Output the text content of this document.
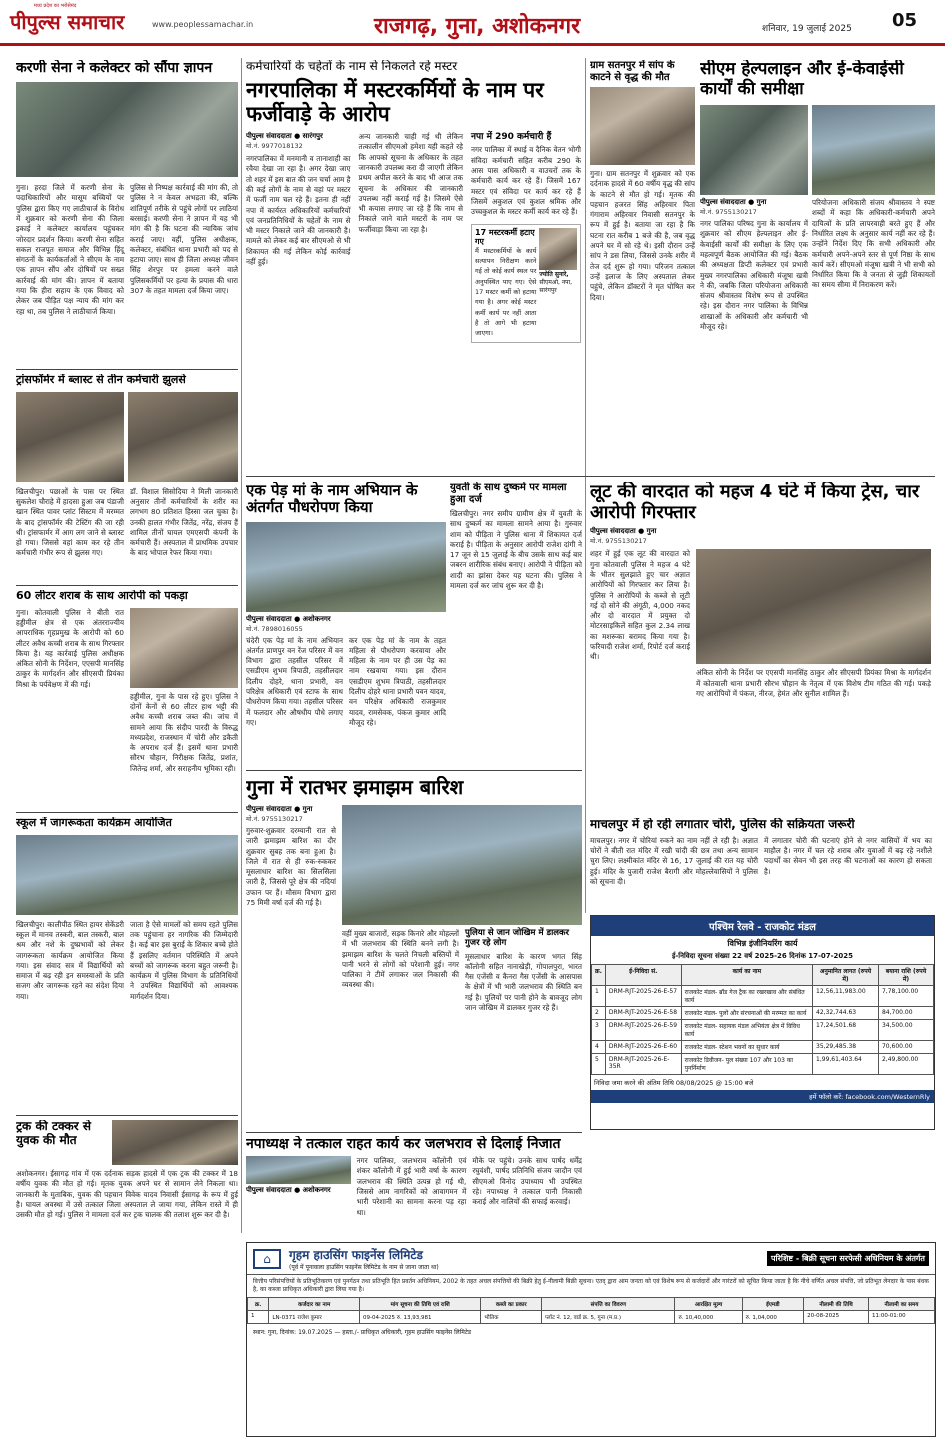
मध्य प्रदेश का भरोसेमंद
पीपुल्स समाचार	www.peoplessamachar.in	राजगढ़, गुना, अशोकनगर	शनिवार, 19 जुलाई 2025 05
करणी सेना ने कलेक्टर को सौंपा ज्ञापन
गुना। हरदा जिले में करणी सेना के पदाधिकारियों और मासूम बच्चियों पर पुलिस द्वारा किए गए लाठीचार्ज के विरोध में शुक्रवार को करणी सेना की जिला इकाई ने कलेक्टर कार्यालय पहुंचकर जोरदार प्रदर्शन किया। करणी सेना सहित सकल राजपूत समाज और विभिन्न हिंदू संगठनों के कार्यकर्ताओं ने सीएम के नाम एक ज्ञापन सौंप और दोषियों पर सख्त कार्रवाई की मांग की। ज्ञापन में बताया गया कि हीरा सहाय के एक विवाद को लेकर जब पीड़ित पक्ष न्याय की मांग कर रहा था, तब पुलिस ने लाठीचार्ज किया।
पुलिस से निष्पक्ष कार्रवाई की मांग की, तो पुलिस ने न केवल अभद्रता की, बल्कि शांतिपूर्ण तरीके से पहुंचे लोगों पर लाठियां बरसाई। करणी सेना ने ज्ञापन में यह भी मांग की है कि घटना की न्यायिक जांच कराई जाए। वहीं, पुलिस अधीक्षक, कलेक्टर, संबंधित थाना प्रभारी को पद से हटाया जाए। साथ ही जिला अध्यक्ष जीवन सिंह शेरपुर पर हमला करने वाले पुलिसकर्मियों पर हत्या के प्रयास की धारा 307 के तहत मामला दर्ज किया जाए।
ट्रांसफॉर्मर में ब्लास्ट से तीन कर्मचारी झुलसे
खिलचीपुर। पछाओं के पास पर स्थित सुकलेश चौराहे में हादसा हुआ जब पंडाजी खान स्थित पावर प्लांट सिस्टम में मरम्मत के बाद ट्रांसफॉर्मर की टेस्टिंग की जा रही थी। ट्रांसफार्मर में आग लग जाने से ब्लास्ट हो गया। जिससे वहां काम कर रहे तीन कर्मचारी गंभीर रूप से झुलस गए।
डॉ. विशाल सिसोदिया ने मिली जानकारी अनुसार तीनों कर्मचारियों के शरीर का लगभग 80 प्रतिशत हिस्सा जल चुका है। उनकी हालत गंभीर जितेंद्र, नरेंद्र, संजय हैं शामिल तीनों घायल एमएसपी कंपनी के कर्मचारी हैं। अस्पताल में प्राथमिक उपचार के बाद भोपाल रेफर किया गया।
60 लीटर शराब के साथ आरोपी को पकड़ा
गुना। कोतवाली पुलिस ने बीती रात हड्डीमील क्षेत्र से एक अंतरराज्यीय आपराधिक गृहप्रमुख के आरोपी को 60 लीटर अवैध कच्ची शराब के साथ गिरफ्तार किया है। यह कार्रवाई पुलिस अधीक्षक अंकित सोनी के निर्देशन, एएसपी मानसिंह ठाकुर के मार्गदर्शन और सीएसपी प्रियंका मिश्रा के पर्यवेक्षण में की गई।
हड्डीमील, गुना के पास रहे हुए। पुलिस ने दोनों केनों से 60 लीटर हाथ भट्टी की अवैध कच्ची शराब जब्त की। जांच में सामने आया कि संदीप पारदी के विरुद्ध मध्यप्रदेश, राजस्थान में चोरी और डकैती के अपराध दर्ज हैं। इसमें थाना प्रभारी सौरभ चौहान, निरीक्षक जितेंद्र, प्रशांत, जितेन्द्र शर्मा, और सराहनीय भूमिका रही।
स्कूल में जागरूकता कार्यक्रम आयोजित
खिलचीपुर। कालीपीठ स्थित हायर सेकेंडरी स्कूल में मानव तस्करी, बाल तस्करी, बाल श्रम और नशे के दुष्प्रभावों को लेकर जागरूकता कार्यक्रम आयोजित किया गया। इस संवाद सत्र में विद्यार्थियों को समाज में बढ़ रही इन समस्याओं के प्रति सजग और जागरूक रहने का संदेश दिया गया।
जाता है ऐसे मामलों को समय रहते पुलिस तक पहुंचाना हर नागरिक की जिम्मेदारी है। कई बार इस बुराई के शिकार बच्चे होते हैं इसलिए वर्तमान परिस्थिति में अपने बच्चों को जागरूक करना बहुत जरूरी है। कार्यक्रम में पुलिस विभाग के प्रतिनिधियों ने उपस्थित विद्यार्थियों को आवश्यक मार्गदर्शन दिया।
ट्रक की टक्कर से युवक की मौत
अशोकनगर। ईसागढ़ गांव में एक दर्दनाक सड़क हादसे में एक ट्रक की टक्कर में 18 वर्षीय युवक की मौत हो गई। मृतक युवक अपने घर से सामान लेने निकला था। जानकारी के मुताबिक, युवक की पहचान विवेक यादव निवासी ईसागढ़ के रूप में हुई है। घायल अवस्था में उसे तत्काल जिला अस्पताल ले जाया गया, लेकिन रास्ते में ही उसकी मौत हो गई। पुलिस ने मामला दर्ज कर ट्रक चालक की तलाश शुरू कर दी है।
कर्मचारियों के चहेतों के नाम से निकलते रहे मस्टर
नगरपालिका में मस्टरकर्मियों के नाम पर फर्जीवाड़े के आरोप
पीपुल्स संवाददाता ● सारंगपुर
मो.नं. 9977018132
नगरपालिका में मनमानी व तानाशाही का रवैया देखा जा रहा है। अगर देखा जाए तो शहर में इस बात की जन चर्चा आम है की कई लोगों के नाम से वहां पर मस्टर में फर्जी नाम चल रहे हैं। इतना ही नहीं नपा में कार्यरत अधिकारियों कर्मचारियों एवं जनप्रतिनिधियों के चहेतों के नाम से भी मस्टर निकाले जाने की जानकारी है। मामले को लेकर कई बार सीएमओ से भी शिकायत की गई लेकिन कोई कार्रवाई नहीं हुई।
अन्य जानकारी चाही गई थी लेकिन तत्कालीन सीएमओ हमेशा यही कहते रहे कि आपको सूचना के अधिकार के तहत जानकारी उपलब्ध करा दी जाएगी लेकिन प्रथम अपील करने के बाद भी आज तक सूचना के अधिकार की जानकारी उपलब्ध नहीं कराई गई है। जिसमे ऐसे भी कयास लगाए जा रहे हैं कि नाम से निकाले जाने वाले मस्टरों के नाम पर फर्जीवाड़ा किया जा रहा है।
नपा में 290 कर्मचारी हैं
नगर पालिका में स्थाई व दैनिक वेतन भोगी संविदा कर्मचारी सहित करीब 290 के आस पास अधिकारी व वाउचरों तक के कर्मचारी कार्य कर रहे हैं। जिसमें 167 मस्टर एवं संविदा पर कार्य कर रहे हैं जिसमें अकुशल एवं कुशल श्रमिक और उच्चकुशल के मस्टर कर्मी कार्य कर रहे हैं।
17 मस्टरकर्मी हटाए गए
मैं मस्टरकर्मियों के कार्य सत्यापन निरीक्षण करने गई तो कोई कार्य स्थल पर अनुपस्थित पाए गए। ऐसे 17 मस्टर कर्मी को हटाया गया है। अगर कोई मस्टर कर्मी कार्य पर नहीं आता है तो आगे भी हटाया जाएगा।
ज्योति सुनारे,
सीएमओ, नपा, सारंगपुर
ग्राम सतनपुर में सांप के काटने से वृद्ध की मौत
गुना। ग्राम सतनपुर में शुक्रवार को एक दर्दनाक हादसे में 60 वर्षीय वृद्ध की सांप के काटने से मौत हो गई। मृतक की पहचान हजरत सिंह अहिरवार पिता गंगाराम अहिरवार निवासी सतनपुर के रूप में हुई है। बताया जा रहा है कि घटना रात करीब 1 बजे की है, जब वृद्ध अपने घर में सो रहे थे। इसी दौरान उन्हें सांप ने डस लिया, जिससे उनके शरीर में तेज दर्द शुरू हो गया। परिजन तत्काल उन्हें इलाज के लिए अस्पताल लेकर पहुंचे, लेकिन डॉक्टरों ने मृत घोषित कर दिया।
सीएम हेल्पलाइन और ई-केवाईसी कार्यों की समीक्षा
पीपुल्स संवाददाता ● गुना
मो.नं. 9755130217
नगर पालिका परिषद गुना के कार्यालय में शुक्रवार को सीएम हेल्पलाइन और ई-केवाईसी कार्यों की समीक्षा के लिए एक महत्वपूर्ण बैठक आयोजित की गई। बैठक की अध्यक्षता डिप्टी कलेक्टर एवं प्रभारी मुख्य नगरपालिका अधिकारी मंजूषा खत्री ने की, जबकि जिला परियोजना अधिकारी संजय श्रीवास्तव विशेष रूप से उपस्थित रहे। इस दौरान नगर पालिका के विभिन्न शाखाओं के अधिकारी और कर्मचारी भी मौजूद रहे।
परियोजना अधिकारी संजय श्रीवास्तव ने स्पष्ट शब्दों में कहा कि अधिकारी-कर्मचारी अपने दायित्वों के प्रति लापरवाही बरते हुए हैं और निर्धारित लक्ष्य के अनुसार कार्य नहीं कर रहे हैं। उन्होंने निर्देश दिए कि सभी अधिकारी और कर्मचारी अपने-अपने स्तर से पूर्ण निष्ठा के साथ कार्य करें। सीएमओ मंजूषा खत्री ने भी सभी को निर्धारित किया कि वे जनता से जुड़ी शिकायतों का समय सीमा में निराकरण करें।
एक पेड़ मां के नाम अभियान के अंतर्गत पौधरोपण किया
पीपुल्स संवाददाता ● अशोकनगर
मो.नं. 7898016055
चंदेरी एक पेड़ मां के नाम अभियान अंतर्गत प्राणपुर वन रेंज परिसर में वन विभाग द्वारा तहसील परिसर में एसडीएम शुभम त्रिपाठी, तहसीलदार दिलीप दोहरे, थाना प्रभारी, वन परिक्षेत्र अधिकारी एवं स्टाफ के साथ पौधरोपण किया गया। तहसील परिसर में फलदार और औषधीय पौधे लगाए गए।
कर एक पेड़ मां के नाम के तहत महिला से पौधरोपण करवाया और महिला के नाम पर ही उस पेड़ का नाम रखवाया गया। इस दौरान एसडीएम शुभम त्रिपाठी, तहसीलदार दिलीप दोहरे थाना प्रभारी पवन यादव, वन परिक्षेत्र अधिकारी राजकुमार यादव, रामसेवक, पंकज कुमार आदि मौजूद रहे।
युवती के साथ दुष्कर्म पर मामला हुआ दर्ज
खिलचीपुर। नगर समीप ग्रामीण क्षेत्र में युवती के साथ दुष्कर्म का मामला सामने आया है। गुरुवार शाम को पीड़िता ने पुलिस थाना में शिकायत दर्ज कराई है। पीड़िता के अनुसार आरोपी राजेश दांगी ने 17 जून से 15 जुलाई के बीच उसके साथ कई बार जबरन शारीरिक संबंध बनाए। आरोपी ने पीड़िता को शादी का झांसा देकर यह घटना की। पुलिस ने मामला दर्ज कर जांच शुरू कर दी है।
लूट की वारदात को महज 4 घंटे में किया ट्रेस, चार आरोपी गिरफ्तार
पीपुल्स संवाददाता ● गुना
मो.नं. 9755130217
शहर में हुई एक लूट की वारदात को गुना कोतवाली पुलिस ने महज 4 घंटे के भीतर सुलझाते हुए चार अज्ञात आरोपियों को गिरफ्तार कर लिया है। पुलिस ने आरोपियों के कब्जे से लूटी गई दो सोने की अंगूठी, 4,000 नकद और दो वारदात में प्रयुक्त दो मोटरसाइकिलें सहित कुल 2.34 लाख का मशरूका बरामद किया गया है। फरियादी राजेश शर्मा, रिपोर्ट दर्ज कराई थी।
अंकित सोनी के निर्देश पर एएसपी मानसिंह ठाकुर और सीएसपी प्रियंका मिश्रा के मार्गदर्शन में कोतवाली थाना प्रभारी सौरभ चौहान के नेतृत्व में एक विशेष टीम गठित की गई। पकड़े गए आरोपियों में पंकज, नीरज, हेमंत और सुनील शामिल हैं।
गुना में रातभर झमाझम बारिश
पीपुल्स संवाददाता ● गुना
मो.नं. 9755130217
गुरुवार-शुक्रवार दरम्यानी रात से जारी झमाझम बारिश का दौर शुक्रवार सुबह तक बना हुआ है। जिले में रात से ही रुक-रुककर मूसलाधार बारिश का सिलसिला जारी है, जिससे पूरे क्षेत्र की नदियां उफान पर हैं। मौसम विभाग द्वारा 75 मिमी वर्षा दर्ज की गई है।
वहीं मुख्य बाजारों, सड़क किनारे और मोहल्लों में भी जलभराव की स्थिति बनने लगी है। झमाझम बारिश के चलते निचली बस्तियों में पानी भरने से लोगों को परेशानी हुई। नगर पालिका ने टीमें लगाकर जल निकासी की व्यवस्था की।
पुलिया से जान जोखिम में डालकर गुजर रहे लोग
मूसलाधार बारिश के कारण भगत सिंह कॉलोनी सहित नानाखेड़ी, गोपालपुरा, भारत गैस एजेंसी व कैनरा गैस एजेंसी के आसपास के क्षेत्रों में भी भारी जलभराव की स्थिति बन गई है। पुलियों पर पानी होने के बावजूद लोग जान जोखिम में डालकर गुजर रहे हैं।
माचलपुर में हो रही लगातार चोरी, पुलिस की सक्रियता जरूरी
माचलपुर। नगर में चोरियां रुकने का नाम नहीं ले रही है। अज्ञात चोरों ने बीती रात मंदिर में रखी चांदी की छत्र तथा अन्य सामान चुरा लिए। लक्ष्मीकांत मंदिर से 16, 17 जुलाई की रात यह चोरी हुई। मंदिर के पुजारी राजेश बैरागी और मोहल्लेवासियों ने पुलिस को सूचना दी।
में लगातार चोरी की घटनाएं होने से नगर वासियों में भय का माहौल है। नगर में चल रहे शराब और युवाओं में बढ़ रहे नशीले पदार्थों का सेवन भी इस तरह की घटनाओं का कारण हो सकता है।
पश्चिम रेलवे - राजकोट मंडल
विभिन्न इंजीनियरिंग कार्य
ई-निविदा सूचना संख्या 22 वर्ष 2025-26 दिनांक 17-07-2025
क्र.	ई-निविदा सं.	कार्य का नाम	अनुमानित लागत (रुपये में)	बयाना राशि (रुपये में)
1	DRM-RJT-2025-26-E-57	राजकोट मंडल- ब्रॉड गेज ट्रैक का रखरखाव और संबंधित कार्य	12,56,11,983.00	7,78,100.00
2	DRM-RJT-2025-26-E-58	राजकोट मंडल- पुलों और संरचनाओं की मरम्मत का कार्य	42,32,744.63	84,700.00
3	DRM-RJT-2025-26-E-59	राजकोट मंडल- सहायक मंडल अभियंता क्षेत्र में विविध कार्य	17,24,501.68	34,500.00
4	DRM-RJT-2025-26-E-60	राजकोट मंडल- स्टेशन भवनों का सुधार कार्य	35,29,485.38	70,600.00
5	DRM-RJT-2025-26-E-35R	राजकोट डिवीजन- पुल संख्या 107 और 103 का पुनर्निर्माण	1,99,61,403.64	2,49,800.00
निविदा जमा करने की अंतिम तिथि 08/08/2025 @ 15:00 बजे
हमें फॉलो करें: facebook.com/WesternRly
नपाध्यक्ष ने तत्काल राहत कार्य कर जलभराव से दिलाई निजात
पीपुल्स संवाददाता ● अशोकनगर
नगर पालिका, जलभराव कॉलोनी एवं शंकर कॉलोनी में हुई भारी वर्षा के कारण जलभराव की स्थिति उत्पन्न हो गई थी, जिससे आम नागरिकों को आवागमन में भारी परेशानी का सामना करना पड़ रहा था।
मौके पर पहुंचे। उनके साथ पार्षद धर्मेंद्र रघुवंशी, पार्षद प्रतिनिधि संजय जादौन एवं सीएमओ विनोद उपाध्याय भी उपस्थित रहे। नपाध्यक्ष ने तत्काल पानी निकासी कराई और नालियों की सफाई करवाई।
⌂	गृहम हाउसिंग फाइनेंस लिमिटेड
(पूर्व में पूनावाला हाउसिंग फाइनेंस लिमिटेड के नाम से जाना जाता था)
परिशिष्ट - बिक्री सूचना सरफेसी अधिनियम के अंतर्गत
वित्तीय परिसंपत्तियों के प्रतिभूतिकरण एवं पुनर्गठन तथा प्रतिभूति हित प्रवर्तन अधिनियम, 2002 के तहत अचल संपत्तियों की बिक्री हेतु ई-नीलामी बिक्री सूचना। एतद् द्वारा आम जनता को एवं विशेष रूप से कर्जदारों और गारंटरों को सूचित किया जाता है कि नीचे वर्णित अचल संपत्ति, जो प्रतिभूत लेनदार के पास बंधक है, का कब्जा प्राधिकृत अधिकारी द्वारा लिया गया है।
क्र.	कर्जदार का नाम	मांग सूचना की तिथि एवं राशि	कब्जे का प्रकार	संपत्ति का विवरण	आरक्षित मूल्य	ईएमडी	नीलामी की तिथि	नीलामी का समय
1	LN-0371 राजेश कुमार	09-04-2025 रु. 13,93,981	भौतिक	प्लॉट नं. 12, वार्ड क्र. 5, गुना (म.प्र.)	रु. 10,40,000	रु. 1,04,000	20-08-2025	11:00-01:00
स्थान: गुना, दिनांक: 19.07.2025 — हस्ता./- प्राधिकृत अधिकारी, गृहम हाउसिंग फाइनेंस लिमिटेड
